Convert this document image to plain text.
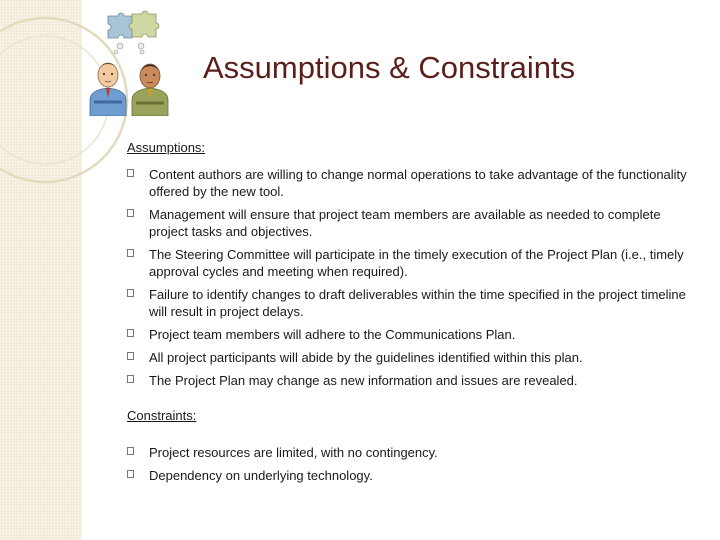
Assumptions & Constraints
Assumptions:
Content authors are willing to change normal operations to take advantage of the functionality offered by the new tool.
Management will ensure that project team members are available as needed to complete project tasks and objectives.
The Steering Committee will participate in the timely execution of the Project Plan (i.e., timely approval cycles and meeting when required).
Failure to identify changes to draft deliverables within the time specified in the project timeline will result in project delays.
Project team members will adhere to the Communications Plan.
All project participants will abide by the guidelines identified within this plan.
The Project Plan may change as new information and issues are revealed.
Constraints:
Project resources are limited, with no contingency.
Dependency on underlying technology.
